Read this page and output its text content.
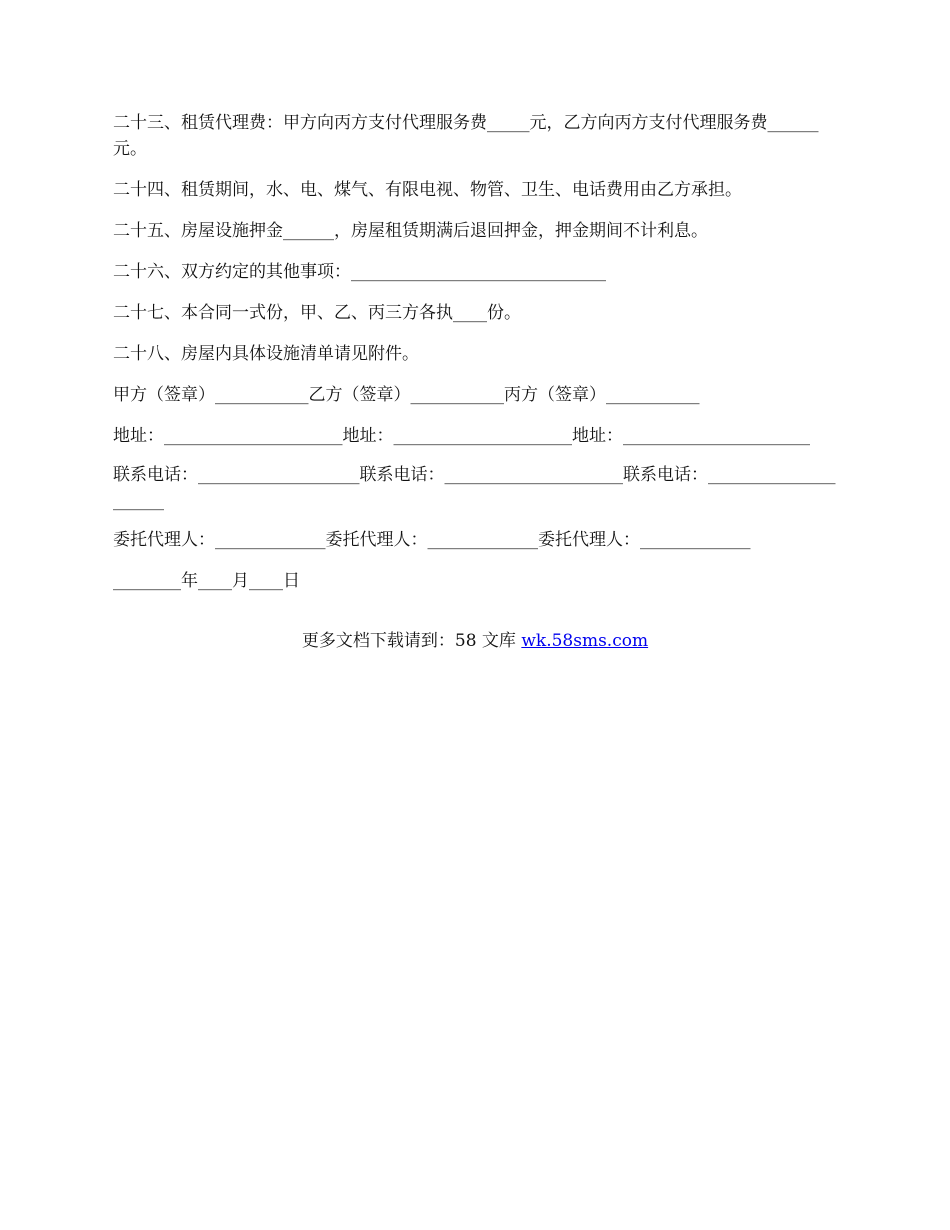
二十三、租赁代理费：甲方向丙方支付代理服务费_____元，乙方向丙方支付代理服务费______元。

二十四、租赁期间，水、电、煤气、有限电视、物管、卫生、电话费用由乙方承担。

二十五、房屋设施押金______，房屋租赁期满后退回押金，押金期间不计利息。

二十六、双方约定的其他事项：______________________________

二十七、本合同一式份，甲、乙、丙三方各执____份。

二十八、房屋内具体设施清单请见附件。

甲方（签章）___________乙方（签章）___________丙方（签章）___________

地址：_____________________地址：_____________________地址：______________________

联系电话：___________________联系电话：_____________________联系电话：_____________________

委托代理人：_____________委托代理人：_____________委托代理人：_____________

________年____月____日

更多文档下载请到：58 文库 wk.58sms.com
